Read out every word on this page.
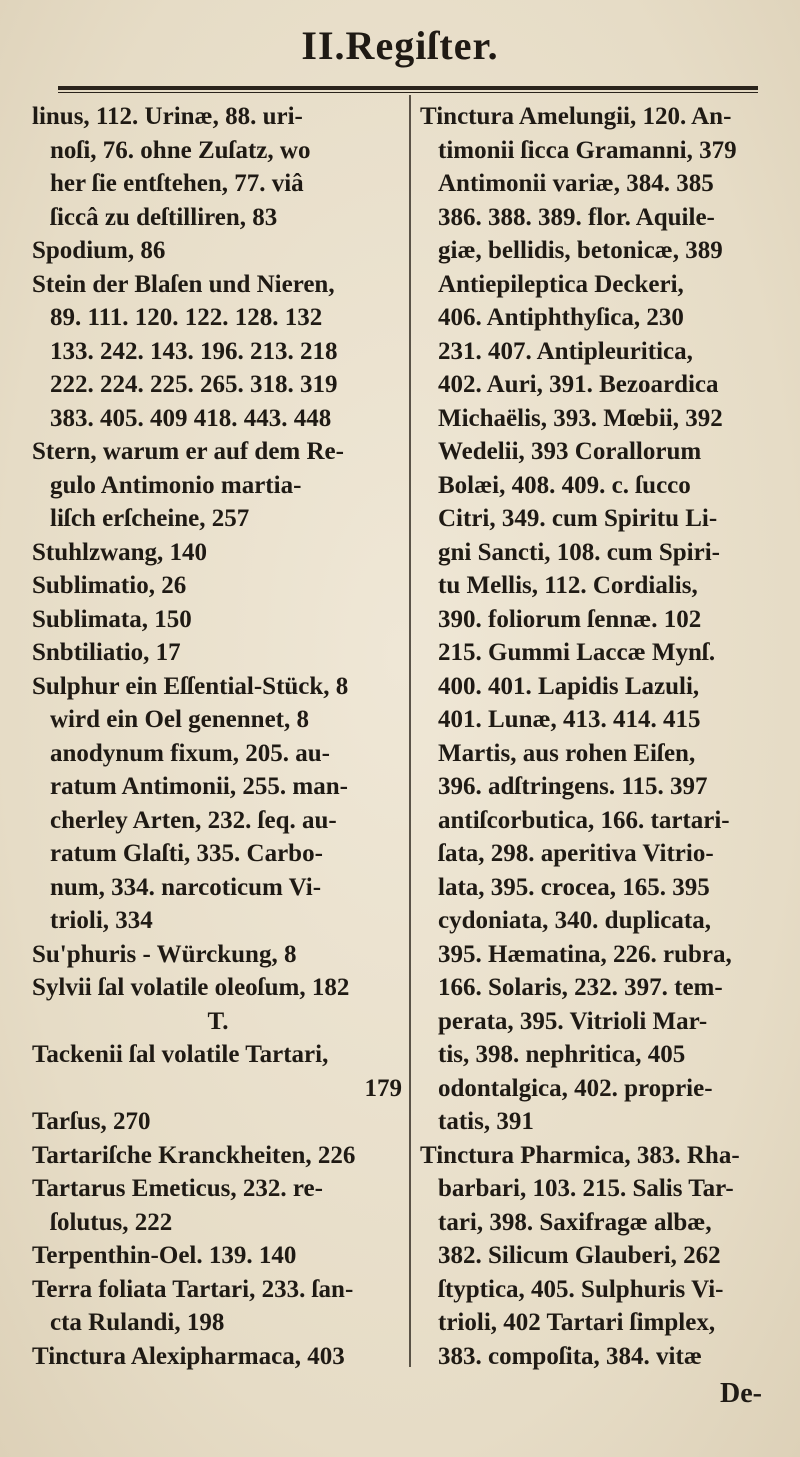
II.Regiſter.
linus, 112. Urinæ, 88. uri-
noſi, 76. ohne Zuſatz, wo
her ſie entſtehen, 77. viâ
ſiccâ zu deſtilliren, 83
Spodium, 86
Stein der Blaſen und Nieren,
89. 111. 120. 122. 128. 132
133. 242. 143. 196. 213. 218
222. 224. 225. 265. 318. 319
383. 405. 409 418. 443. 448
Stern, warum er auf dem Re-
gulo Antimonio martia-
liſch erſcheine, 257
Stuhlzwang, 140
Sublimatio, 26
Sublimata, 150
Snbtiliatio, 17
Sulphur ein Eſſential-Stück, 8
wird ein Oel genennet, 8
anodynum fixum, 205. au-
ratum Antimonii, 255. man-
cherley Arten, 232. ſeq. au-
ratum Glaſti, 335. Carbo-
num, 334. narcoticum Vi-
trioli, 334
Su'phuris - Würckung, 8
Sylvii ſal volatile oleoſum, 182
T.
Tackenii ſal volatile Tartari,
179
Tarſus, 270
Tartariſche Kranckheiten, 226
Tartarus Emeticus, 232. re-
ſolutus, 222
Terpenthin-Oel. 139. 140
Terra foliata Tartari, 233. ſan-
cta Rulandi, 198
Tinctura Alexipharmaca, 403
Tinctura Amelungii, 120. An-
timonii ſicca Gramanni, 379
Antimonii variæ, 384. 385
386. 388. 389. flor. Aquile-
giæ, bellidis, betonicæ, 389
Antiepileptica Deckeri,
406. Antiphthyſica, 230
231. 407. Antipleuritica,
402. Auri, 391. Bezoardica
Michaëlis, 393. Mœbii, 392
Wedelii, 393 Corallorum
Bolæi, 408. 409. c. ſucco
Citri, 349. cum Spiritu Li-
gni Sancti, 108. cum Spiri-
tu Mellis, 112. Cordialis,
390. foliorum ſennæ. 102
215. Gummi Laccæ Mynſ.
400. 401. Lapidis Lazuli,
401. Lunæ, 413. 414. 415
Martis, aus rohen Eiſen,
396. adſtringens. 115. 397
antiſcorbutica, 166. tartari-
ſata, 298. aperitiva Vitrio-
lata, 395. crocea, 165. 395
cydoniata, 340. duplicata,
395. Hæmatina, 226. rubra,
166. Solaris, 232. 397. tem-
perata, 395. Vitrioli Mar-
tis, 398. nephritica, 405
odontalgica, 402. proprie-
tatis, 391
Tinctura Pharmica, 383. Rha-
barbari, 103. 215. Salis Tar-
tari, 398. Saxifragæ albæ,
382. Silicum Glauberi, 262
ſtyptica, 405. Sulphuris Vi-
trioli, 402 Tartari ſimplex,
383. compoſita, 384. vitæ
De-
